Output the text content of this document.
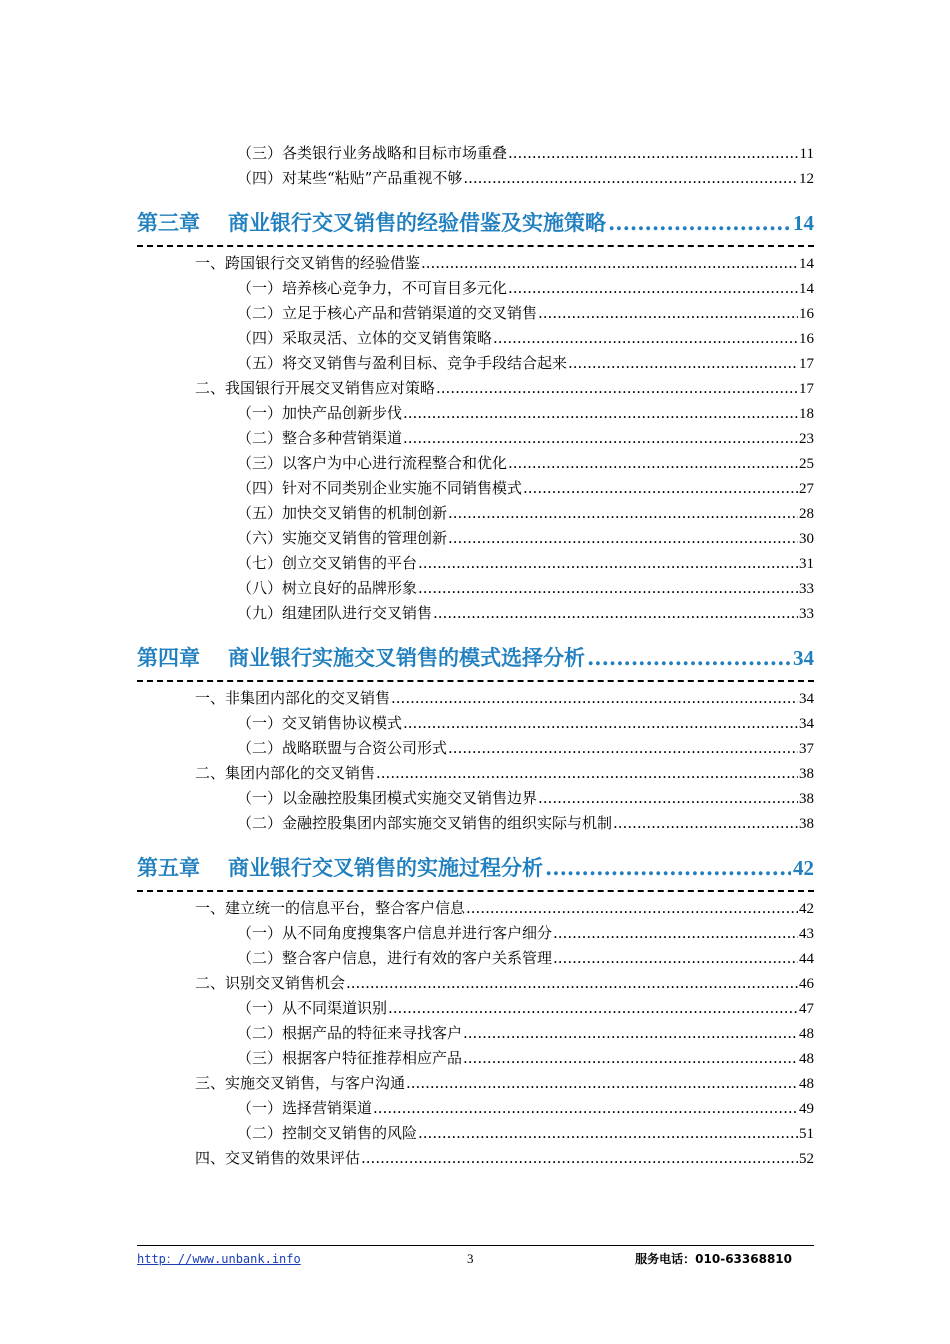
（三）各类银行业务战略和目标市场重叠 .....	11
（四）对某些“粘贴”产品重视不够 .....	12
第三章 商业银行交叉销售的经验借鉴及实施策略 .....	14
一、跨国银行交叉销售的经验借鉴 .....	14
（一）培养核心竞争力，不可盲目多元化 .....	14
（二）立足于核心产品和营销渠道的交叉销售 .....	16
（四）采取灵活、立体的交叉销售策略 .....	16
（五）将交叉销售与盈利目标、竞争手段结合起来 .....	17
二、我国银行开展交叉销售应对策略 .....	17
（一）加快产品创新步伐 .....	18
（二）整合多种营销渠道 .....	23
（三）以客户为中心进行流程整合和优化 .....	25
（四）针对不同类别企业实施不同销售模式 .....	27
（五）加快交叉销售的机制创新 .....	28
（六）实施交叉销售的管理创新 .....	30
（七）创立交叉销售的平台 .....	31
（八）树立良好的品牌形象 .....	33
（九）组建团队进行交叉销售 .....	33
第四章 商业银行实施交叉销售的模式选择分析 .....	34
一、非集团内部化的交叉销售 .....	34
（一）交叉销售协议模式 .....	34
（二）战略联盟与合资公司形式 .....	37
二、集团内部化的交叉销售 .....	38
（一）以金融控股集团模式实施交叉销售边界 .....	38
（二）金融控股集团内部实施交叉销售的组织实际与机制 .....	38
第五章 商业银行交叉销售的实施过程分析 .....	42
一、建立统一的信息平台，整合客户信息 .....	42
（一）从不同角度搜集客户信息并进行客户细分 .....	43
（二）整合客户信息，进行有效的客户关系管理 .....	44
二、识别交叉销售机会 .....	46
（一）从不同渠道识别 .....	47
（二）根据产品的特征来寻找客户 .....	48
（三）根据客户特征推荐相应产品 .....	48
三、实施交叉销售，与客户沟通 .....	48
（一）选择营销渠道 .....	49
（二）控制交叉销售的风险 .....	51
四、交叉销售的效果评估 .....	52
http：//www.unbank.info	3	服务电话：010-63368810
